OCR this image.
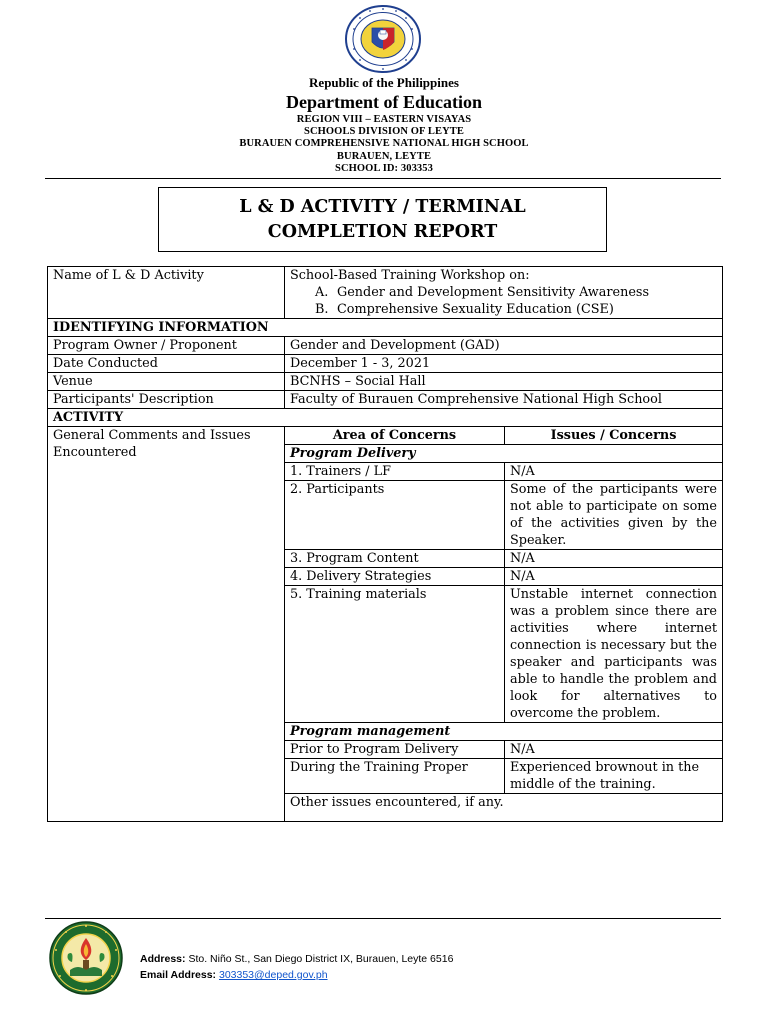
Republic of the Philippines
Department of Education
REGION VIII – EASTERN VISAYAS
SCHOOLS DIVISION OF LEYTE
BURAUEN COMPREHENSIVE NATIONAL HIGH SCHOOL
BURAUEN, LEYTE
SCHOOL ID: 303353
L & D ACTIVITY / TERMINAL
COMPLETION REPORT
Name of L & D Activity	School-Based Training Workshop on:
A. Gender and Development Sensitivity Awareness
B. Comprehensive Sexuality Education (CSE)

IDENTIFYING INFORMATION
Program Owner / Proponent	Gender and Development (GAD)
Date Conducted	December 1 - 3, 2021
Venue	BCNHS – Social Hall
Participants' Description	Faculty of Burauen Comprehensive National High School
ACTIVITY
General Comments and Issues Encountered	
Area of Concerns	Issues / Concerns
Program Delivery
1. Trainers / LF	N/A
2. Participants	Some of the participants were not able to participate on some of the activities given by the Speaker.
3. Program Content	N/A
4. Delivery Strategies	N/A
5. Training materials	Unstable internet connection was a problem since there are activities where internet connection is necessary but the speaker and participants was able to handle the problem and look for alternatives to overcome the problem.
Program management
Prior to Program Delivery	N/A
During the Training Proper	Experienced brownout in the middle of the training.
Other issues encountered, if any.
Address: Sto. Niño St., San Diego District IX, Burauen, Leyte 6516
Email Address: 303353@deped.gov.ph
